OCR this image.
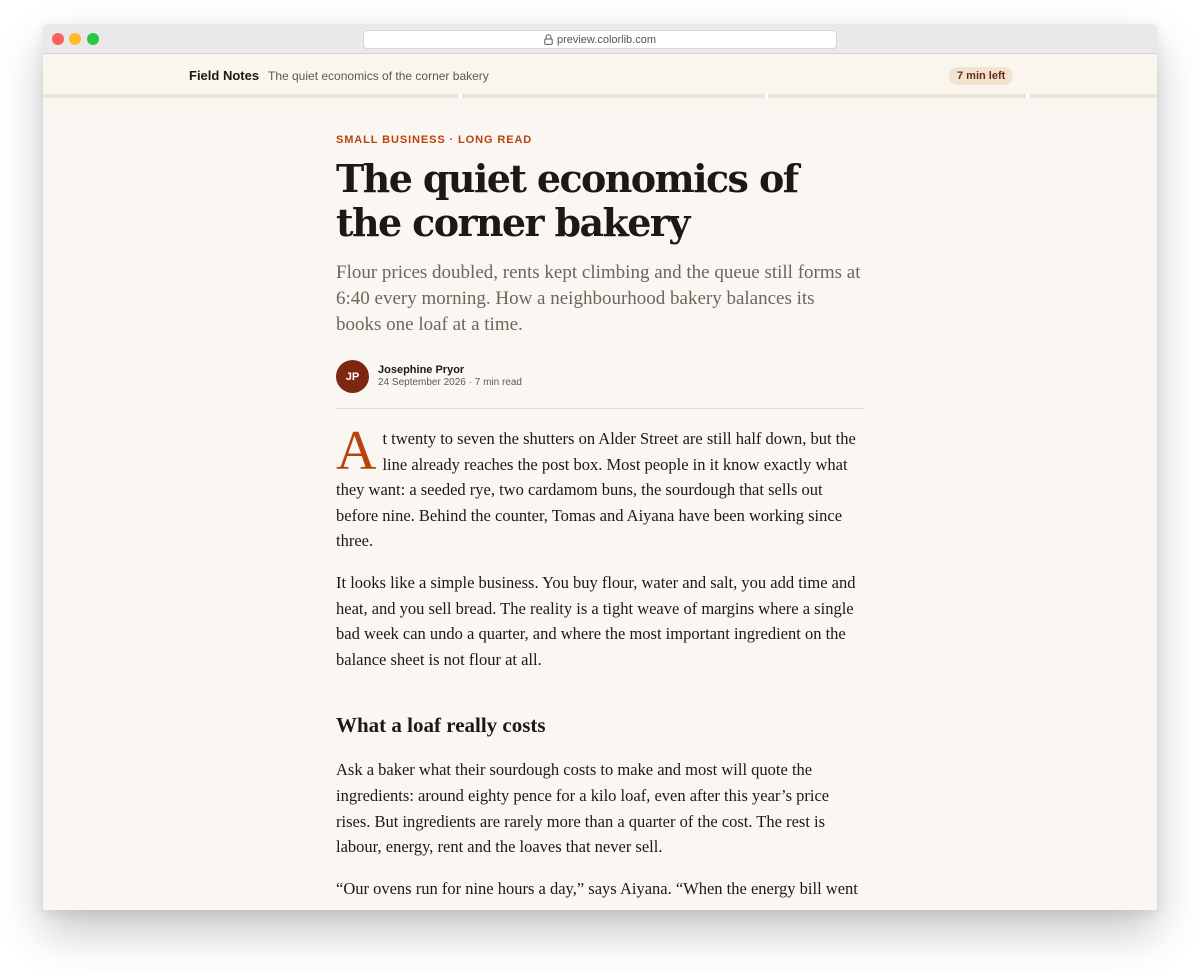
preview.colorlib.com
Field Notes The quiet economics of the corner bakery	7 min left
SMALL BUSINESS · LONG READ
The quiet economics of the corner bakery

Flour prices doubled, rents kept climbing and the queue still forms at 6:40 every morning. How a neighbourhood bakery balances its books one loaf at a time.

JP
Josephine Pryor
24 September 2026 · 7 min read

At twenty to seven the shutters on Alder Street are still half down, but the line already reaches the post box. Most people in it know exactly what they want: a seeded rye, two cardamom buns, the sourdough that sells out before nine. Behind the counter, Tomas and Aiyana have been working since three.

It looks like a simple business. You buy flour, water and salt, you add time and heat, and you sell bread. The reality is a tight weave of margins where a single bad week can undo a quarter, and where the most important ingredient on the balance sheet is not flour at all.

What a loaf really costs

Ask a baker what their sourdough costs to make and most will quote the ingredients: around eighty pence for a kilo loaf, even after this year’s price rises. But ingredients are rarely more than a quarter of the cost. The rest is labour, energy, rent and the loaves that never sell.

“Our ovens run for nine hours a day,” says Aiyana. “When the energy bill went
